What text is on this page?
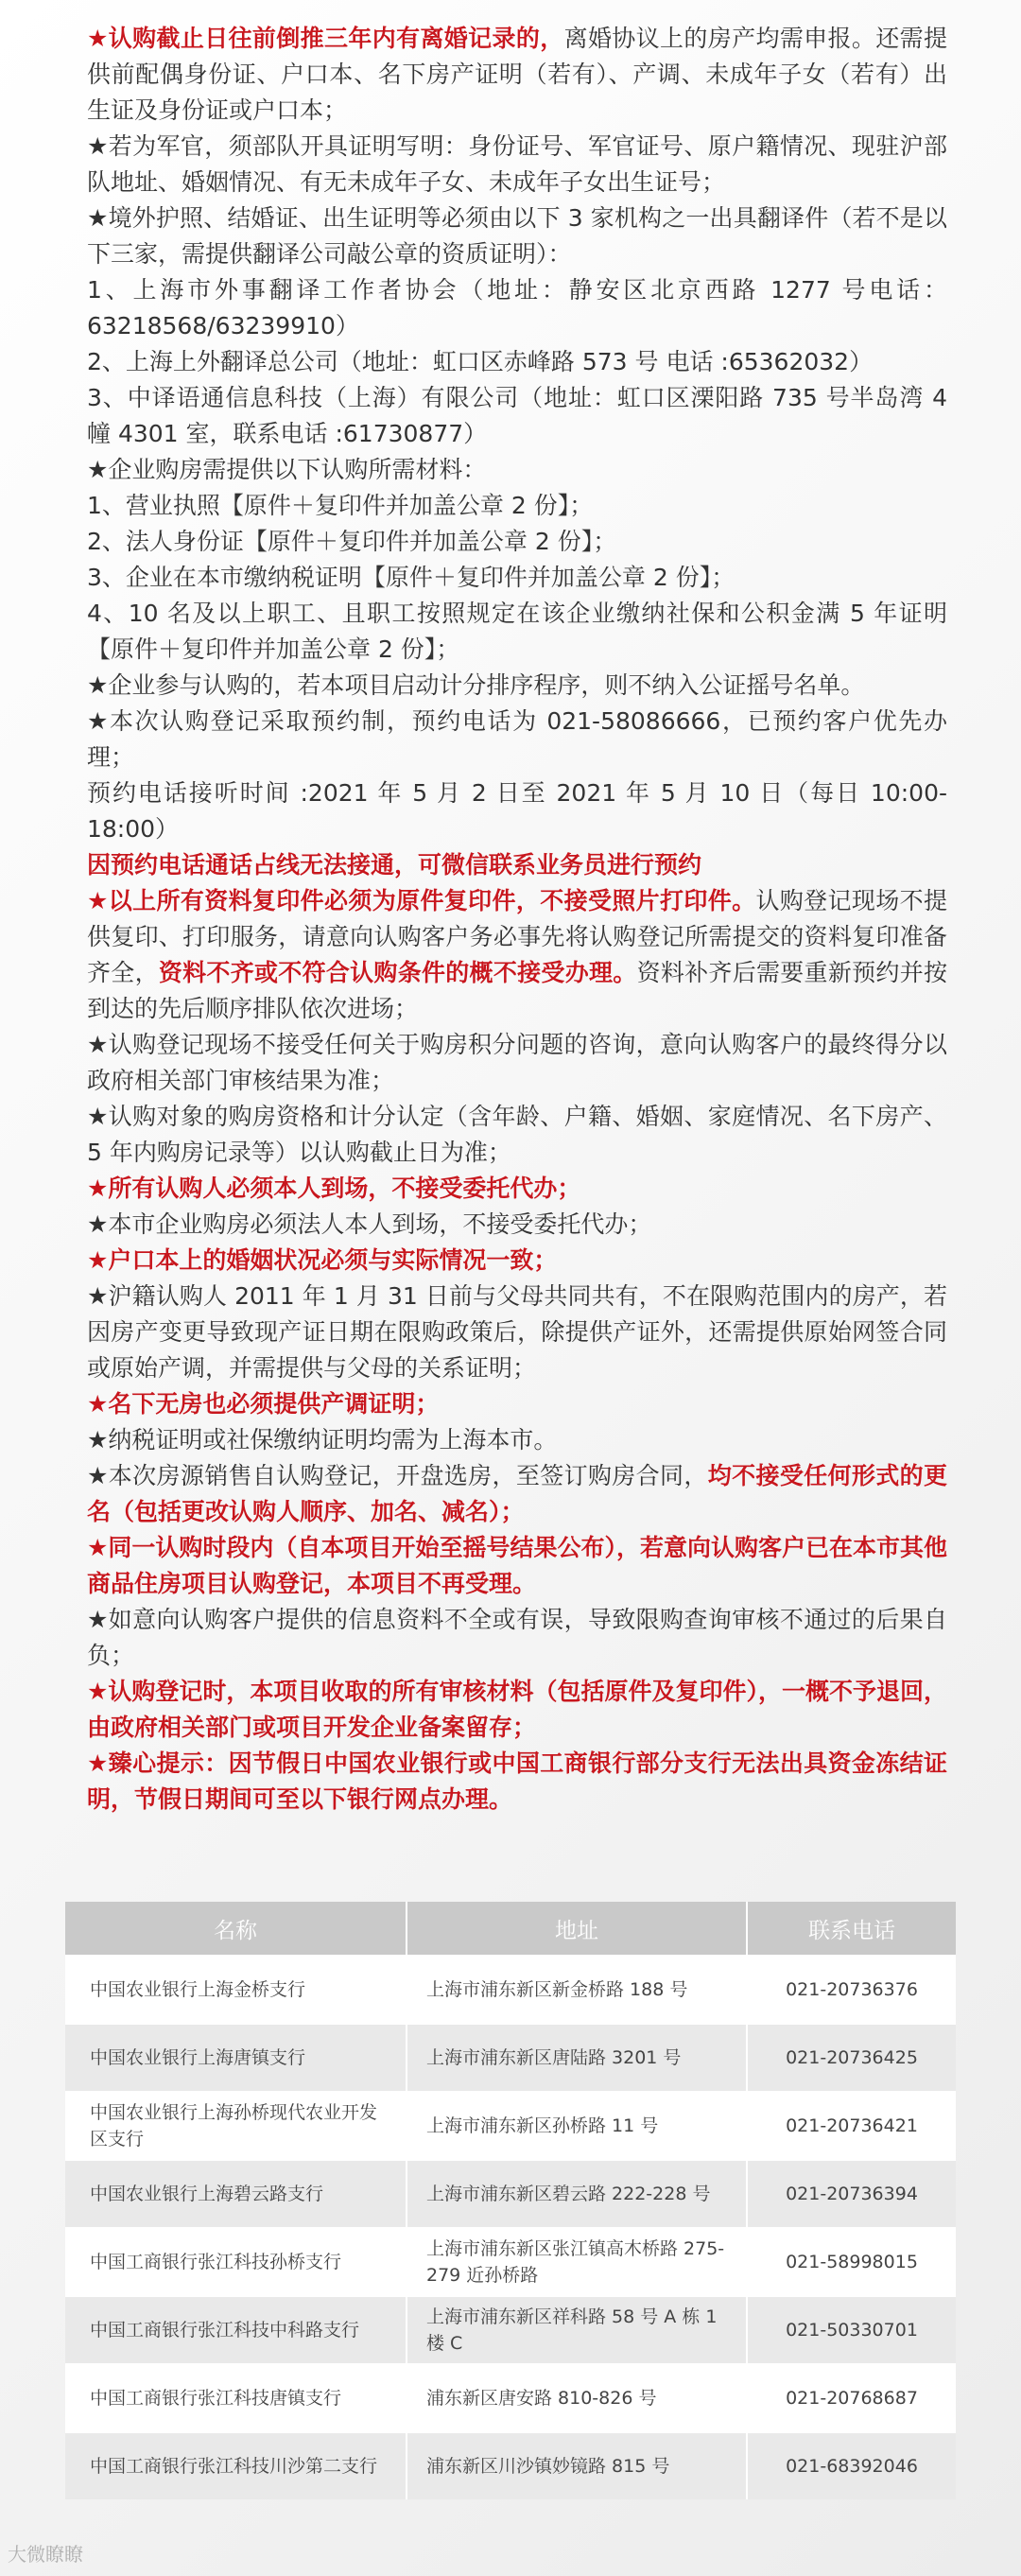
★认购截止日往前倒推三年内有离婚记录的，离婚协议上的房产均需申报。还需提供前配偶身份证、户口本、名下房产证明（若有）、产调、未成年子女（若有）出生证及身份证或户口本；

★若为军官，须部队开具证明写明：身份证号、军官证号、原户籍情况、现驻沪部队地址、婚姻情况、有无未成年子女、未成年子女出生证号；

★境外护照、结婚证、出生证明等必须由以下 3 家机构之一出具翻译件（若不是以下三家，需提供翻译公司敲公章的资质证明）：

1、上海市外事翻译工作者协会（地址：静安区北京西路 1277 号电话：63218568/63239910）

2、上海上外翻译总公司（地址：虹口区赤峰路 573 号 电话 :65362032）

3、中译语通信息科技（上海）有限公司（地址：虹口区溧阳路 735 号半岛湾 4 幢 4301 室，联系电话 :61730877）

★企业购房需提供以下认购所需材料：

1、营业执照【原件＋复印件并加盖公章 2 份】；

2、法人身份证【原件＋复印件并加盖公章 2 份】；

3、企业在本市缴纳税证明【原件＋复印件并加盖公章 2 份】；

4、10 名及以上职工、且职工按照规定在该企业缴纳社保和公积金满 5 年证明【原件＋复印件并加盖公章 2 份】；

★企业参与认购的，若本项目启动计分排序程序，则不纳入公证摇号名单。

★本次认购登记采取预约制，预约电话为 021-58086666，已预约客户优先办理；

预约电话接听时间 :2021 年 5 月 2 日至 2021 年 5 月 10 日（每日 10:00-18:00）

因预约电话通话占线无法接通，可微信联系业务员进行预约

★以上所有资料复印件必须为原件复印件，不接受照片打印件。认购登记现场不提供复印、打印服务，请意向认购客户务必事先将认购登记所需提交的资料复印准备齐全，资料不齐或不符合认购条件的概不接受办理。资料补齐后需要重新预约并按到达的先后顺序排队依次进场；

★认购登记现场不接受任何关于购房积分问题的咨询，意向认购客户的最终得分以政府相关部门审核结果为准；

★认购对象的购房资格和计分认定（含年龄、户籍、婚姻、家庭情况、名下房产、5 年内购房记录等）以认购截止日为准；

★所有认购人必须本人到场，不接受委托代办；

★本市企业购房必须法人本人到场，不接受委托代办；

★户口本上的婚姻状况必须与实际情况一致；

★沪籍认购人 2011 年 1 月 31 日前与父母共同共有，不在限购范围内的房产，若因房产变更导致现产证日期在限购政策后，除提供产证外，还需提供原始网签合同或原始产调，并需提供与父母的关系证明；

★名下无房也必须提供产调证明；

★纳税证明或社保缴纳证明均需为上海本市。

★本次房源销售自认购登记，开盘选房，至签订购房合同，均不接受任何形式的更名（包括更改认购人顺序、加名、减名）；

★同一认购时段内（自本项目开始至摇号结果公布），若意向认购客户已在本市其他商品住房项目认购登记，本项目不再受理。

★如意向认购客户提供的信息资料不全或有误，导致限购查询审核不通过的后果自负；

★认购登记时，本项目收取的所有审核材料（包括原件及复印件），一概不予退回，由政府相关部门或项目开发企业备案留存；

★臻心提示：因节假日中国农业银行或中国工商银行部分支行无法出具资金冻结证明，节假日期间可至以下银行网点办理。

名称	地址	联系电话
中国农业银行上海金桥支行	上海市浦东新区新金桥路 188 号	021-20736376
中国农业银行上海唐镇支行	上海市浦东新区唐陆路 3201 号	021-20736425
中国农业银行上海孙桥现代农业开发区支行	上海市浦东新区孙桥路 11 号	021-20736421
中国农业银行上海碧云路支行	上海市浦东新区碧云路 222-228 号	021-20736394
中国工商银行张江科技孙桥支行	上海市浦东新区张江镇高木桥路 275-279 近孙桥路	021-58998015
中国工商银行张江科技中科路支行	上海市浦东新区祥科路 58 号 A 栋 1 楼 C	021-50330701
中国工商银行张江科技唐镇支行	浦东新区唐安路 810-826 号	021-20768687
中国工商银行张江科技川沙第二支行	浦东新区川沙镇妙镜路 815 号	021-68392046
大微瞭瞭
